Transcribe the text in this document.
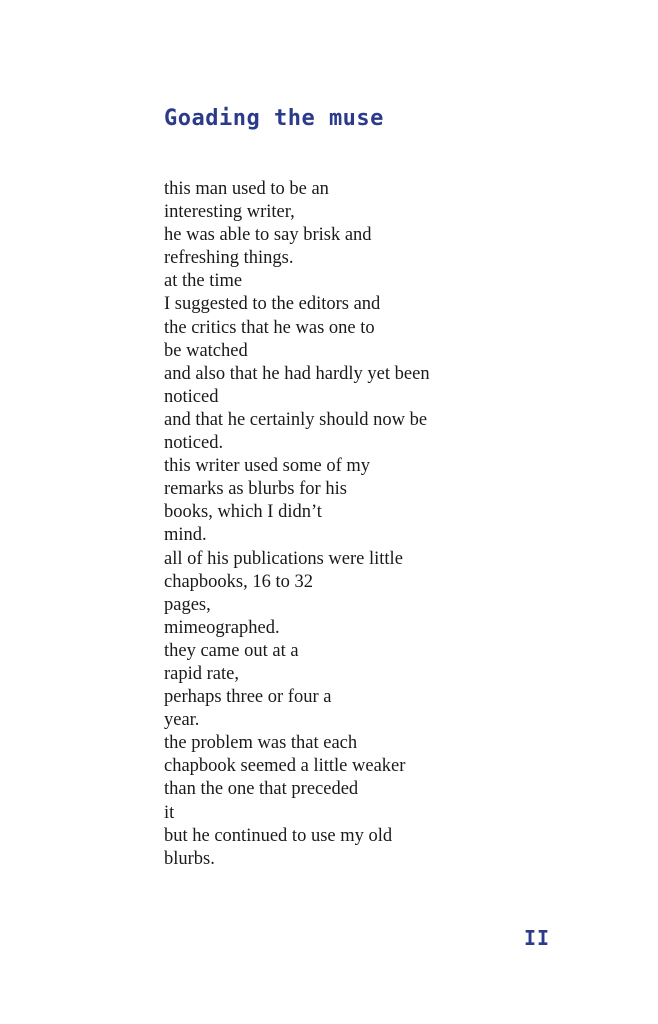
Goading the muse
this man used to be an
interesting writer,
he was able to say brisk and
refreshing things.
at the time
I suggested to the editors and
the critics that he was one to
be watched
and also that he had hardly yet been
noticed
and that he certainly should now be
noticed.
this writer used some of my
remarks as blurbs for his
books, which I didn’t
mind.
all of his publications were little
chapbooks, 16 to 32
pages,
mimeographed.
they came out at a
rapid rate,
perhaps three or four a
year.
the problem was that each
chapbook seemed a little weaker
than the one that preceded
it
but he continued to use my old
blurbs.
II
